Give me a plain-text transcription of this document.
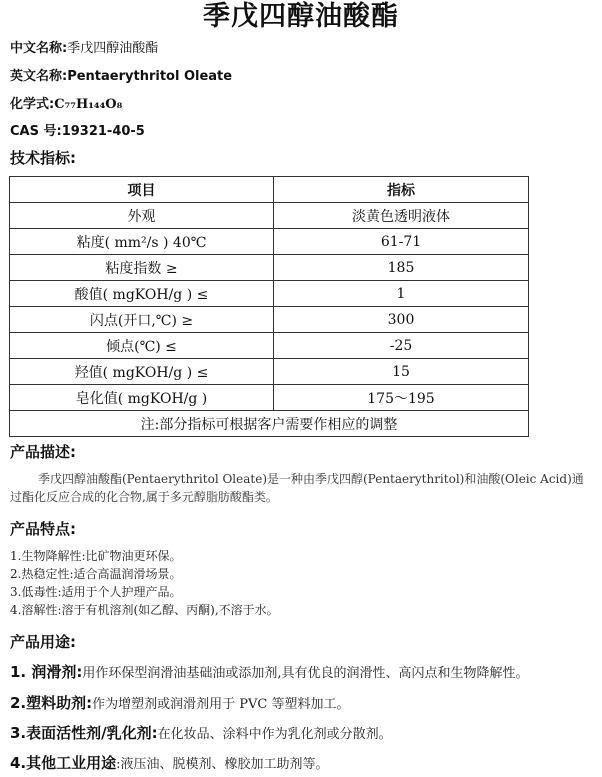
季戊四醇油酸酯
中文名称:季戊四醇油酸酯
英文名称:Pentaerythritol Oleate
化学式:C₇₇H₁₄₄O₈
CAS 号:19321-40-5
技术指标:
项目	指标
外观	淡黄色透明液体
粘度( mm²/s ) 40℃	61-71
粘度指数 ≥	185
酸值( mgKOH/g ) ≤	1
闪点(开口,℃) ≥	300
倾点(℃) ≤	-25
羟值( mgKOH/g ) ≤	15
皂化值( mgKOH/g )	175～195
注:部分指标可根据客户需要作相应的调整	
产品描述:
季戊四醇油酸酯(Pentaerythritol Oleate)是一种由季戊四醇(Pentaerythritol)和油酸(Oleic Acid)通过酯化反应合成的化合物,属于多元醇脂肪酸酯类。
产品特点:
1.生物降解性:比矿物油更环保。
2.热稳定性:适合高温润滑场景。
3.低毒性:适用于个人护理产品。
4.溶解性:溶于有机溶剂(如乙醇、丙酮),不溶于水。
产品用途:
1. 润滑剂:用作环保型润滑油基础油或添加剂,具有优良的润滑性、高闪点和生物降解性。
2.塑料助剂:作为增塑剂或润滑剂用于 PVC 等塑料加工。
3.表面活性剂/乳化剂:在化妆品、涂料中作为乳化剂或分散剂。
4.其他工业用途:液压油、脱模剂、橡胶加工助剂等。
